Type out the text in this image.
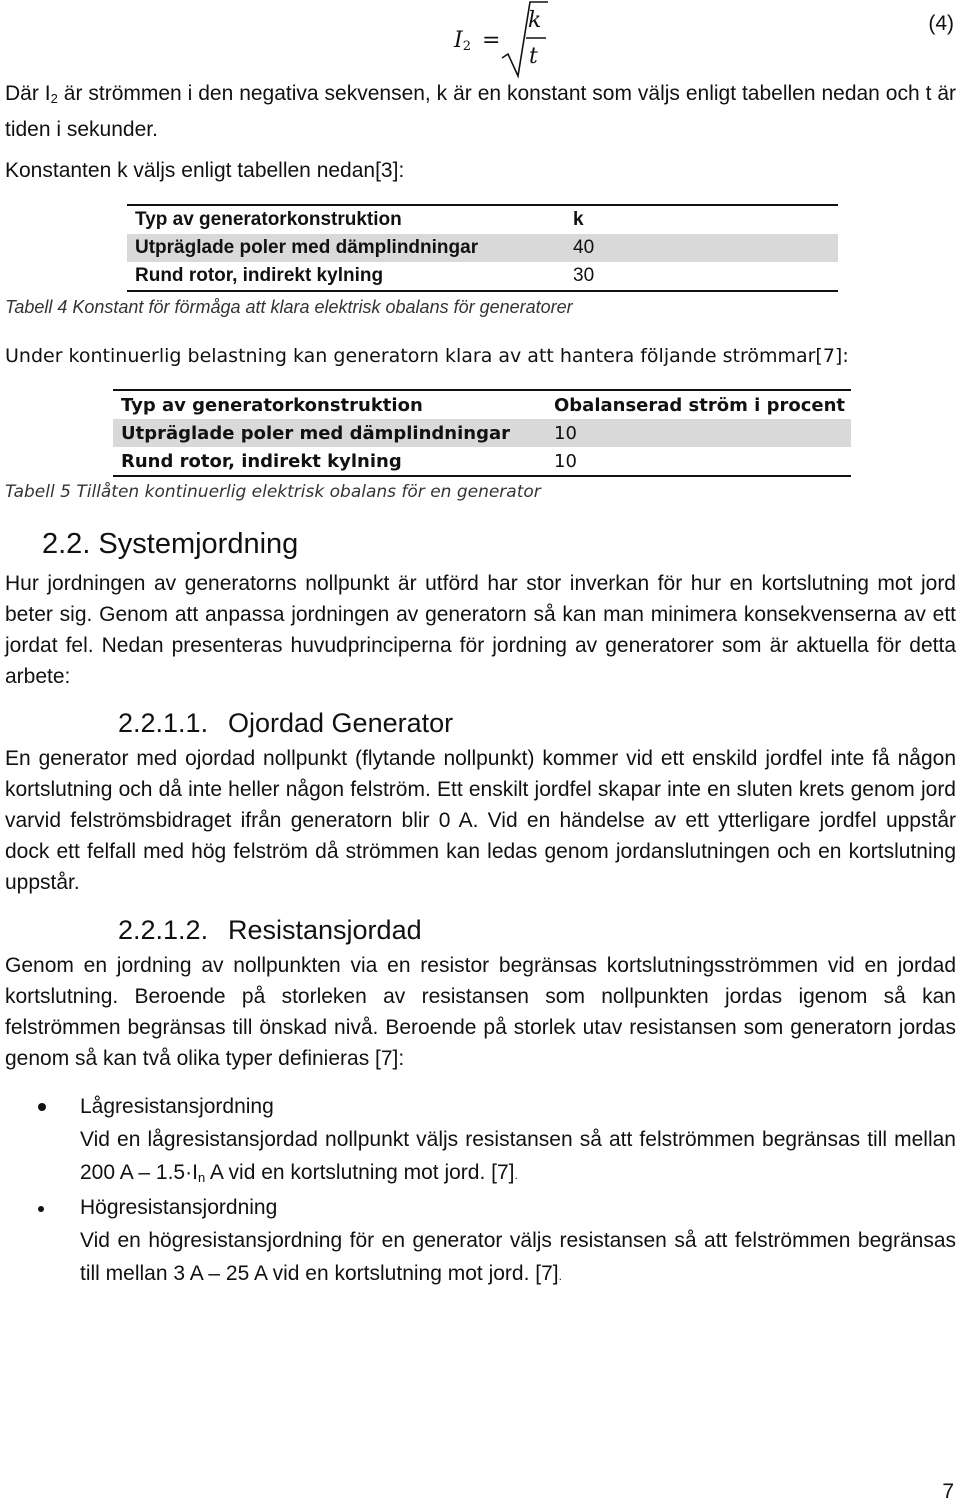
$I_2$ =
k
t
(4)

Där $I_2$ är strömmen i den negativa sekvensen, k är en konstant som väljs enligt tabellen nedan och t är tiden i sekunder.

Konstanten k väljs enligt tabellen nedan[3]:

Typ av generatorkonstruktion	k
Utpräglade poler med dämplindningar	40
Rund rotor, indirekt kylning	30

Tabell 4 Konstant för förmåga att klara elektrisk obalans för generatorer

Under kontinuerlig belastning kan generatorn klara av att hantera följande strömmar[7]:

Typ av generatorkonstruktion	Obalanserad ström i procent
Utpräglade poler med dämplindningar	10
Rund rotor, indirekt kylning	10

Tabell 5 Tillåten kontinuerlig elektrisk obalans för en generator

2.2. Systemjordning

Hur jordningen av generatorns nollpunkt är utförd har stor inverkan för hur en kortslutning mot jord beter sig. Genom att anpassa jordningen av generatorn så kan man minimera konsekvenserna av ett jordat fel. Nedan presenteras huvudprinciperna för jordning av generatorer som är aktuella för detta arbete:

2.2.1.1. Ojordad Generator

En generator med ojordad nollpunkt (flytande nollpunkt) kommer vid ett enskild jordfel inte få någon kortslutning och då inte heller någon felström. Ett enskilt jordfel skapar inte en sluten krets genom jord varvid felströmsbidraget ifrån generatorn blir 0 A. Vid en händelse av ett ytterligare jordfel uppstår dock ett felfall med hög felström då strömmen kan ledas genom jordanslutningen och en kortslutning uppstår.

2.2.1.2. Resistansjordad

Genom en jordning av nollpunkten via en resistor begränsas kortslutningsströmmen vid en jordad kortslutning. Beroende på storleken av resistansen som nollpunkten jordas igenom så kan felströmmen begränsas till önskad nivå. Beroende på storlek utav resistansen som generatorn jordas genom så kan två olika typer definieras [7]:

Lågresistansjordning
Vid en lågresistansjordad nollpunkt väljs resistansen så att felströmmen begränsas till mellan 200 $A - 1.5\cdot I_n$ A vid en kortslutning mot jord. [7].

Högresistansjordning
Vid en högresistansjordning för en generator väljs resistansen så att felströmmen begränsas till mellan 3 A – 25 A vid en kortslutning mot jord. [7].

7
